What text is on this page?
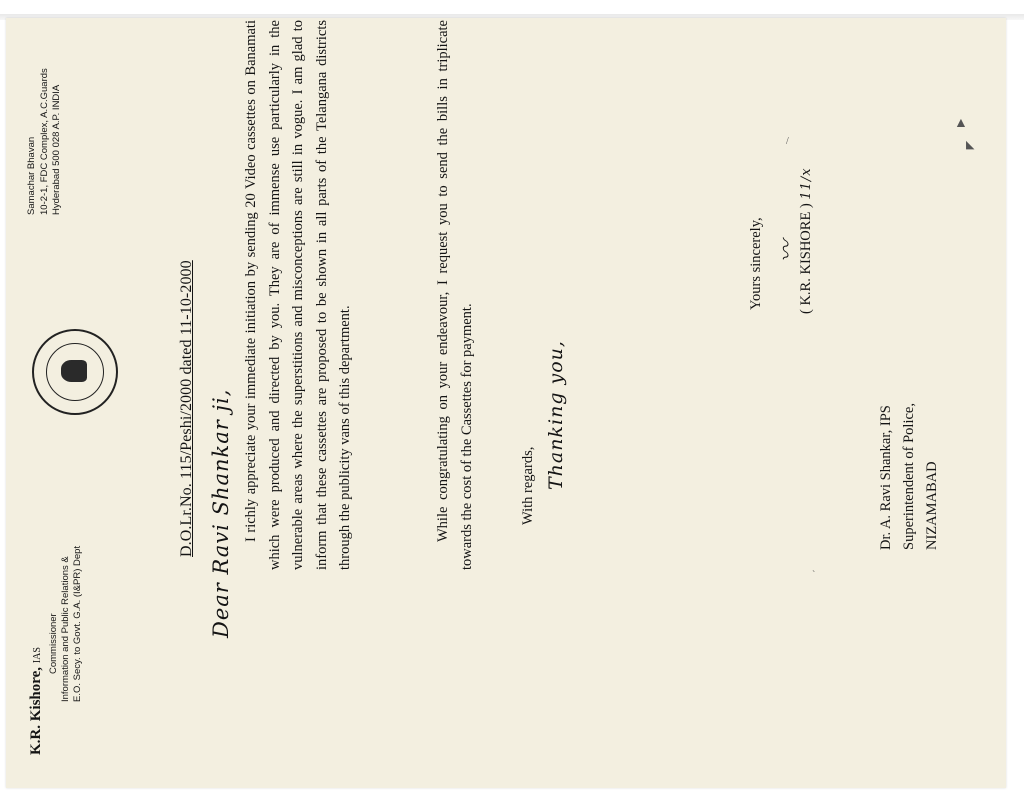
▲
◣
`
/
K.R. Kishore, IAS Commissioner Information and Public Relations & E.O. Secy. to Govt. G.A. (I&PR) Dept
Samachar Bhavan 10-2-1, FDC Complex, A.C.Guards Hyderabad 500 028 A.P. INDIA
D.O.Lr.No. 115/Peshi/2000 dated 11-10-2000 Dear Ravi Shankar ji, I richly appreciate your immediate initiation by sending 20 Video cassettes on Banamati which were produced and directed by you. They are of immense use particularly in the vulnerable areas where the superstitions and misconceptions are still in vogue. I am glad to inform that these cassettes are proposed to be shown in all parts of the Telangana districts through the publicity vans of this department.	While congratulating on your endeavour, I request you to send the bills in triplicate towards the cost of the Cassettes for payment.	With regards, Thanking you,
Yours sincerely, 〰
( K.R. KISHORE ) 11/x
Dr. A. Ravi Shankar, IPS Superintendent of Police, NIZAMABAD
